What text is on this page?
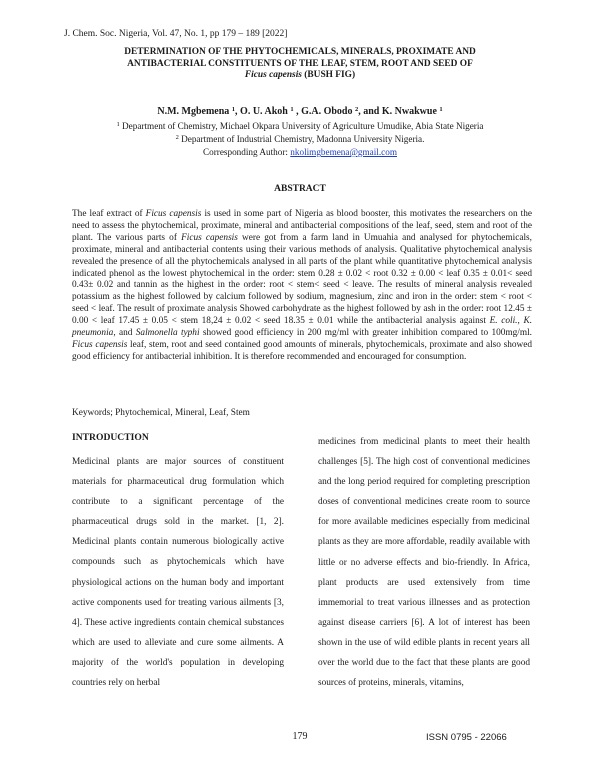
J. Chem. Soc. Nigeria, Vol. 47, No. 1, pp 179 – 189 [2022]
DETERMINATION OF THE PHYTOCHEMICALS, MINERALS, PROXIMATE AND
ANTIBACTERIAL CONSTITUENTS OF THE LEAF, STEM, ROOT AND SEED OF
Ficus capensis (BUSH FIG)
N.M. Mgbemena $^1$, O. U. Akoh $^1$ , G.A. Obodo $^2$, and K. Nwakwue $^1$
$^1$ Department of Chemistry, Michael Okpara University of Agriculture Umudike, Abia State Nigeria
$^2$ Department of Industrial Chemistry, Madonna University Nigeria.
Corresponding Author: nkolimgbemena@gmail.com
ABSTRACT
The leaf extract of Ficus capensis is used in some part of Nigeria as blood booster, this motivates the researchers on the need to assess the phytochemical, proximate, mineral and antibacterial compositions of the leaf, seed, stem and root of the plant. The various parts of Ficus capensis were got from a farm land in Umuahia and analysed for phytochemicals, proximate, mineral and antibacterial contents using their various methods of analysis. Qualitative phytochemical analysis revealed the presence of all the phytochemicals analysed in all parts of the plant while quantitative phytochemical analysis indicated phenol as the lowest phytochemical in the order: stem 0.28 ± 0.02 < root 0.32 ± 0.00 < leaf 0.35 ± 0.01< seed 0.43± 0.02 and tannin as the highest in the order: root < stem< seed < leave. The results of mineral analysis revealed potassium as the highest followed by calcium followed by sodium, magnesium, zinc and iron in the order: stem < root < seed < leaf. The result of proximate analysis Showed carbohydrate as the highest followed by ash in the order: root 12.45 ± 0.00 < leaf 17.45 ± 0.05 < stem 18,24 ± 0.02 < seed 18.35 ± 0.01 while the antibacterial analysis against E. coli., K. pneumonia, and Salmonella typhi showed good efficiency in 200 mg/ml with greater inhibition compared to 100mg/ml. Ficus capensis leaf, stem, root and seed contained good amounts of minerals, phytochemicals, proximate and also showed good efficiency for antibacterial inhibition. It is therefore recommended and encouraged for consumption.
Keywords; Phytochemical, Mineral, Leaf, Stem
INTRODUCTION

Medicinal plants are major sources of constituent materials for pharmaceutical drug formulation which contribute to a significant percentage of the pharmaceutical drugs sold in the market. [1, 2]. Medicinal plants contain numerous biologically active compounds such as phytochemicals which have physiological actions on the human body and important active components used for treating various ailments [3, 4]. These active ingredients contain chemical substances which are used to alleviate and cure some ailments. A majority of the world's population in developing countries rely on herbal

medicines from medicinal plants to meet their health challenges [5]. The high cost of conventional medicines and the long period required for completing prescription doses of conventional medicines create room to source for more available medicines especially from medicinal plants as they are more affordable, readily available with little or no adverse effects and bio-friendly. In Africa, plant products are used extensively from time immemorial to treat various illnesses and as protection against disease carriers [6]. A lot of interest has been shown in the use of wild edible plants in recent years all over the world due to the fact that these plants are good sources of proteins, minerals, vitamins,

179	ISSN 0795 - 22066
